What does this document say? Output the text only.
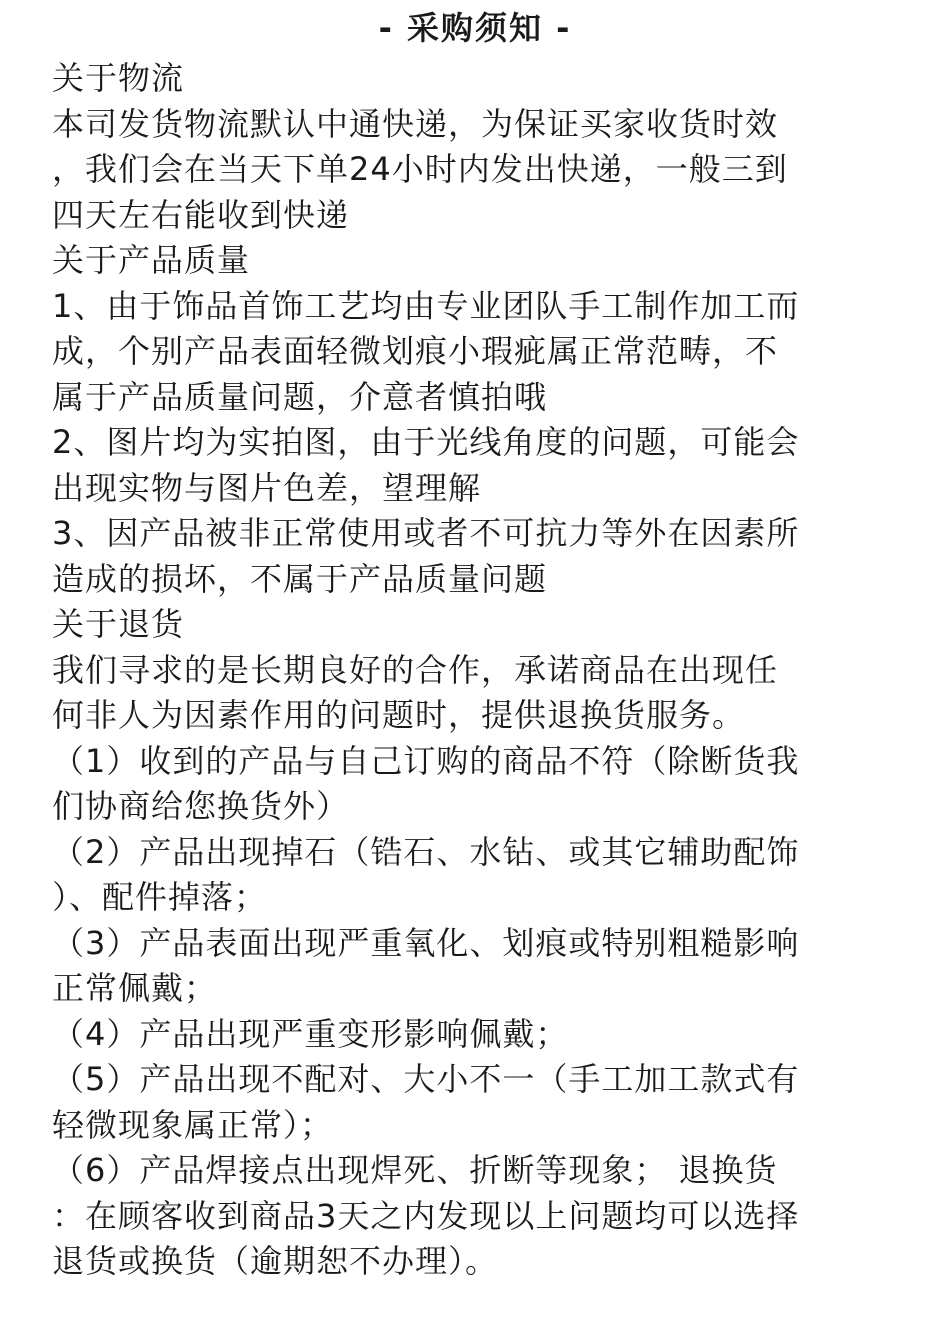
- 采购须知 -
关于物流
本司发货物流默认中通快递，为保证买家收货时效
，我们会在当天下单24小时内发出快递，一般三到
四天左右能收到快递
关于产品质量
1、由于饰品首饰工艺均由专业团队手工制作加工而
成，个别产品表面轻微划痕小瑕疵属正常范畴，不
属于产品质量问题，介意者慎拍哦
2、图片均为实拍图，由于光线角度的问题，可能会
出现实物与图片色差，望理解
3、因产品被非正常使用或者不可抗力等外在因素所
造成的损坏，不属于产品质量问题
关于退货
我们寻求的是长期良好的合作，承诺商品在出现任
何非人为因素作用的问题时，提供退换货服务。
（1）收到的产品与自己订购的商品不符（除断货我
们协商给您换货外）
（2）产品出现掉石（锆石、水钻、或其它辅助配饰
）、配件掉落；
（3）产品表面出现严重氧化、划痕或特别粗糙影响
正常佩戴；
（4）产品出现严重变形影响佩戴；
（5）产品出现不配对、大小不一（手工加工款式有
轻微现象属正常）；
（6）产品焊接点出现焊死、折断等现象； 退换货
：在顾客收到商品3天之内发现以上问题均可以选择
退货或换货（逾期恕不办理）。
